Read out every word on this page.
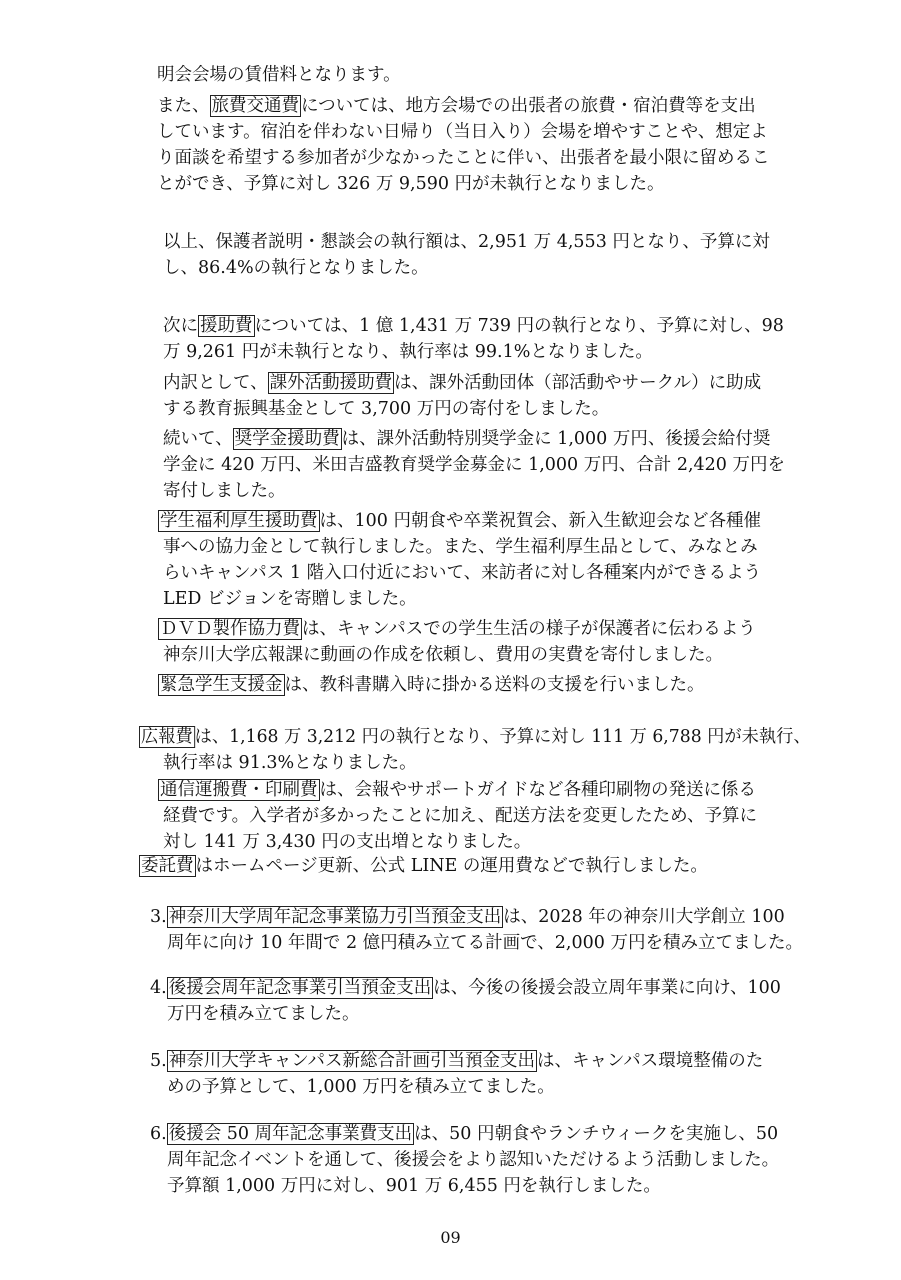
明会会場の賃借料となります。
また、 旅費交通費 については、地方会場での出張者の旅費・宿泊費等を支出
しています。宿泊を伴わない日帰り（当日入り）会場を増やすことや、想定よ
り面談を希望する参加者が少なかったことに伴い、出張者を最小限に留めるこ
とができ、予算に対し 326 万 9,590 円が未執行となりました。
以上、保護者説明・懇談会の執行額は、2,951 万 4,553 円となり、予算に対
し、86.4%の執行となりました。
次に 援助費 については、1 億 1,431 万 739 円の執行となり、予算に対し、98
万 9,261 円が未執行となり、執行率は 99.1%となりました。
内訳として、 課外活動援助費 は、課外活動団体（部活動やサークル）に助成
する教育振興基金として 3,700 万円の寄付をしました。
続いて、 奨学金援助費 は、課外活動特別奨学金に 1,000 万円、後援会給付奨
学金に 420 万円、米田吉盛教育奨学金募金に 1,000 万円、合計 2,420 万円を
寄付しました。
学生福利厚生援助費 は、100 円朝食や卒業祝賀会、新入生歓迎会など各種催
事への協力金として執行しました。また、学生福利厚生品として、みなとみ
らいキャンパス 1 階入口付近において、来訪者に対し各種案内ができるよう
LED ビジョンを寄贈しました。
ＤＶＤ製作協力費 は、キャンパスでの学生生活の様子が保護者に伝わるよう
神奈川大学広報課に動画の作成を依頼し、費用の実費を寄付しました。
緊急学生支援金 は、教科書購入時に掛かる送料の支援を行いました。
広報費 は、1,168 万 3,212 円の執行となり、予算に対し 111 万 6,788 円が未執行、
執行率は 91.3%となりました。
通信運搬費・印刷費 は、会報やサポートガイドなど各種印刷物の発送に係る
経費です。入学者が多かったことに加え、配送方法を変更したため、予算に
対し 141 万 3,430 円の支出増となりました。
委託費 はホームページ更新、公式 LINE の運用費などで執行しました。
3. 神奈川大学周年記念事業協力引当預金支出 は、2028 年の神奈川大学創立 100
周年に向け 10 年間で 2 億円積み立てる計画で、2,000 万円を積み立てました。
4. 後援会周年記念事業引当預金支出 は、今後の後援会設立周年事業に向け、100
万円を積み立てました。
5. 神奈川大学キャンパス新総合計画引当預金支出 は、キャンパス環境整備のた
めの予算として、1,000 万円を積み立てました。
6. 後援会 50 周年記念事業費支出 は、50 円朝食やランチウィークを実施し、50
周年記念イベントを通して、後援会をより認知いただけるよう活動しました。
予算額 1,000 万円に対し、901 万 6,455 円を執行しました。
09
